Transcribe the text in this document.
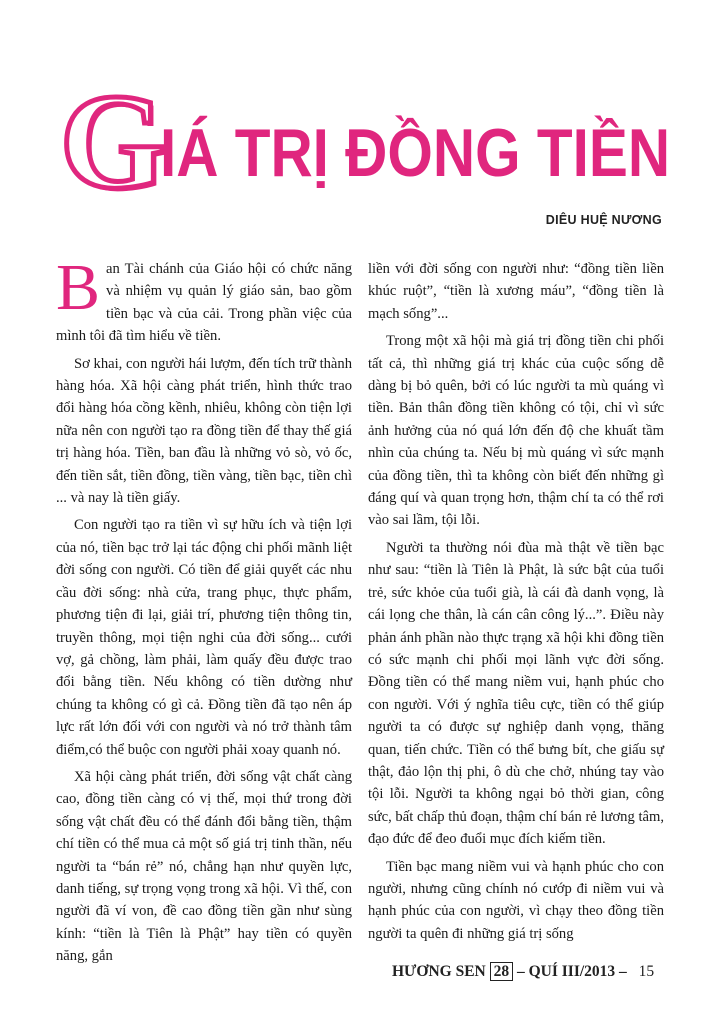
GIÁ TRỊ ĐỒNG TIỀN
DIÊU HUỆ NƯƠNG

Ban Tài chánh của Giáo hội có chức năng và nhiệm vụ quản lý giáo sản, bao gồm tiền bạc và của cải. Trong phần việc của mình tôi đã tìm hiểu về tiền.

Sơ khai, con người hái lượm, đến tích trữ thành hàng hóa. Xã hội càng phát triển, hình thức trao đổi hàng hóa cồng kềnh, nhiêu, không còn tiện lợi nữa nên con người tạo ra đồng tiền để thay thế giá trị hàng hóa. Tiền, ban đầu là những vỏ sò, vỏ ốc, đến tiền sắt, tiền đồng, tiền vàng, tiền bạc, tiền chì ... và nay là tiền giấy.

Con người tạo ra tiền vì sự hữu ích và tiện lợi của nó, tiền bạc trở lại tác động chi phối mãnh liệt đời sống con người. Có tiền để giải quyết các nhu cầu đời sống: nhà cửa, trang phục, thực phẩm, phương tiện đi lại, giải trí, phương tiện thông tin, truyền thông, mọi tiện nghi của đời sống... cưới vợ, gả chồng, làm phải, làm quấy đều được trao đổi bằng tiền. Nếu không có tiền dường như chúng ta không có gì cả. Đồng tiền đã tạo nên áp lực rất lớn đối với con người và nó trở thành tâm điểm,có thể buộc con người phải xoay quanh nó.

Xã hội càng phát triển, đời sống vật chất càng cao, đồng tiền càng có vị thế, mọi thứ trong đời sống vật chất đều có thể đánh đổi bằng tiền, thậm chí tiền có thể mua cả một số giá trị tinh thần, nếu người ta “bán rẻ” nó, chẳng hạn như quyền lực, danh tiếng, sự trọng vọng trong xã hội. Vì thế, con người đã ví von, đề cao đồng tiền gần như sùng kính: “tiền là Tiên là Phật” hay tiền có quyền năng, gắn

liền với đời sống con người như: “đồng tiền liền khúc ruột”, “tiền là xương máu”, “đồng tiền là mạch sống”...

Trong một xã hội mà giá trị đồng tiền chi phối tất cả, thì những giá trị khác của cuộc sống dễ dàng bị bỏ quên, bởi có lúc người ta mù quáng vì tiền. Bản thân đồng tiền không có tội, chỉ vì sức ảnh hưởng của nó quá lớn đến độ che khuất tầm nhìn của chúng ta. Nếu bị mù quáng vì sức mạnh của đồng tiền, thì ta không còn biết đến những gì đáng quí và quan trọng hơn, thậm chí ta có thể rơi vào sai lầm, tội lỗi.

Người ta thường nói đùa mà thật về tiền bạc như sau: “tiền là Tiên là Phật, là sức bật của tuổi trẻ, sức khỏe của tuổi già, là cái đà danh vọng, là cái lọng che thân, là cán cân công lý...”. Điều này phản ánh phần nào thực trạng xã hội khi đồng tiền có sức mạnh chi phối mọi lãnh vực đời sống. Đồng tiền có thể mang niềm vui, hạnh phúc cho con người. Với ý nghĩa tiêu cực, tiền có thể giúp người ta có được sự nghiệp danh vọng, thăng quan, tiến chức. Tiền có thể bưng bít, che giấu sự thật, đảo lộn thị phi, ô dù che chở, nhúng tay vào tội lỗi. Người ta không ngại bỏ thời gian, công sức, bất chấp thủ đoạn, thậm chí bán rẻ lương tâm, đạo đức để đeo đuổi mục đích kiếm tiền.

Tiền bạc mang niềm vui và hạnh phúc cho con người, nhưng cũng chính nó cướp đi niềm vui và hạnh phúc của con người, vì chạy theo đồng tiền người ta quên đi những giá trị sống

HƯƠNG SEN 28 – QUÍ III/2013 – 15
